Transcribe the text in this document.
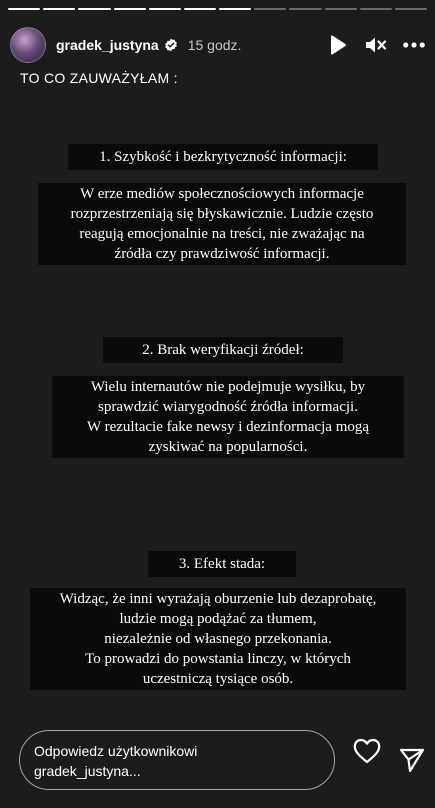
gradek_justyna 15 godz.
TO CO ZAUWAŻYŁAM :
1. Szybkość i bezkrytyczność informacji:
W erze mediów społecznościowych informacje
rozprzestrzeniają się błyskawicznie. Ludzie często
reagują emocjonalnie na treści, nie zważając na
źródła czy prawdziwość informacji.
2. Brak weryfikacji źródeł:
Wielu internautów nie podejmuje wysiłku, by
sprawdzić wiarygodność źródła informacji.
W rezultacie fake newsy i dezinformacja mogą
zyskiwać na popularności.
3. Efekt stada:
Widząc, że inni wyrażają oburzenie lub dezaprobatę,
ludzie mogą podążać za tłumem,
niezależnie od własnego przekonania.
To prowadzi do powstania linczy, w których
uczestniczą tysiące osób.
Odpowiedz użytkownikowi
gradek_justyna...
